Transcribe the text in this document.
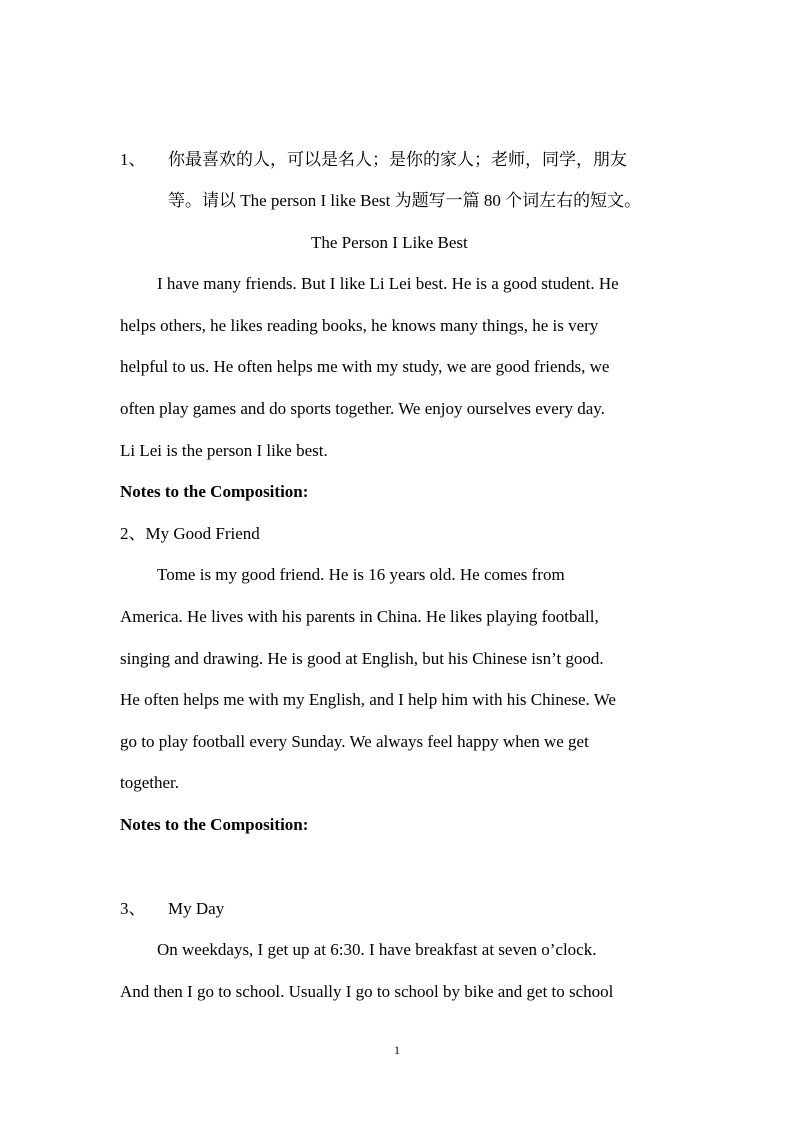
1、 你最喜欢的人，可以是名人；是你的家人；老师，同学，朋友
等。请以 The person I like Best 为题写一篇 80 个词左右的短文。
The Person I Like Best
I have many friends. But I like Li Lei best. He is a good student. He
helps others, he likes reading books, he knows many things, he is very
helpful to us. He often helps me with my study, we are good friends, we
often play games and do sports together. We enjoy ourselves every day.
Li Lei is the person I like best.
Notes to the Composition:
2、My Good Friend
Tome is my good friend. He is 16 years old. He comes from
America. He lives with his parents in China. He likes playing football,
singing and drawing. He is good at English, but his Chinese isn’t good.
He often helps me with my English, and I help him with his Chinese. We
go to play football every Sunday. We always feel happy when we get
together.
Notes to the Composition:
3、 My Day
On weekdays, I get up at 6:30. I have breakfast at seven o’clock.
And then I go to school. Usually I go to school by bike and get to school
1
